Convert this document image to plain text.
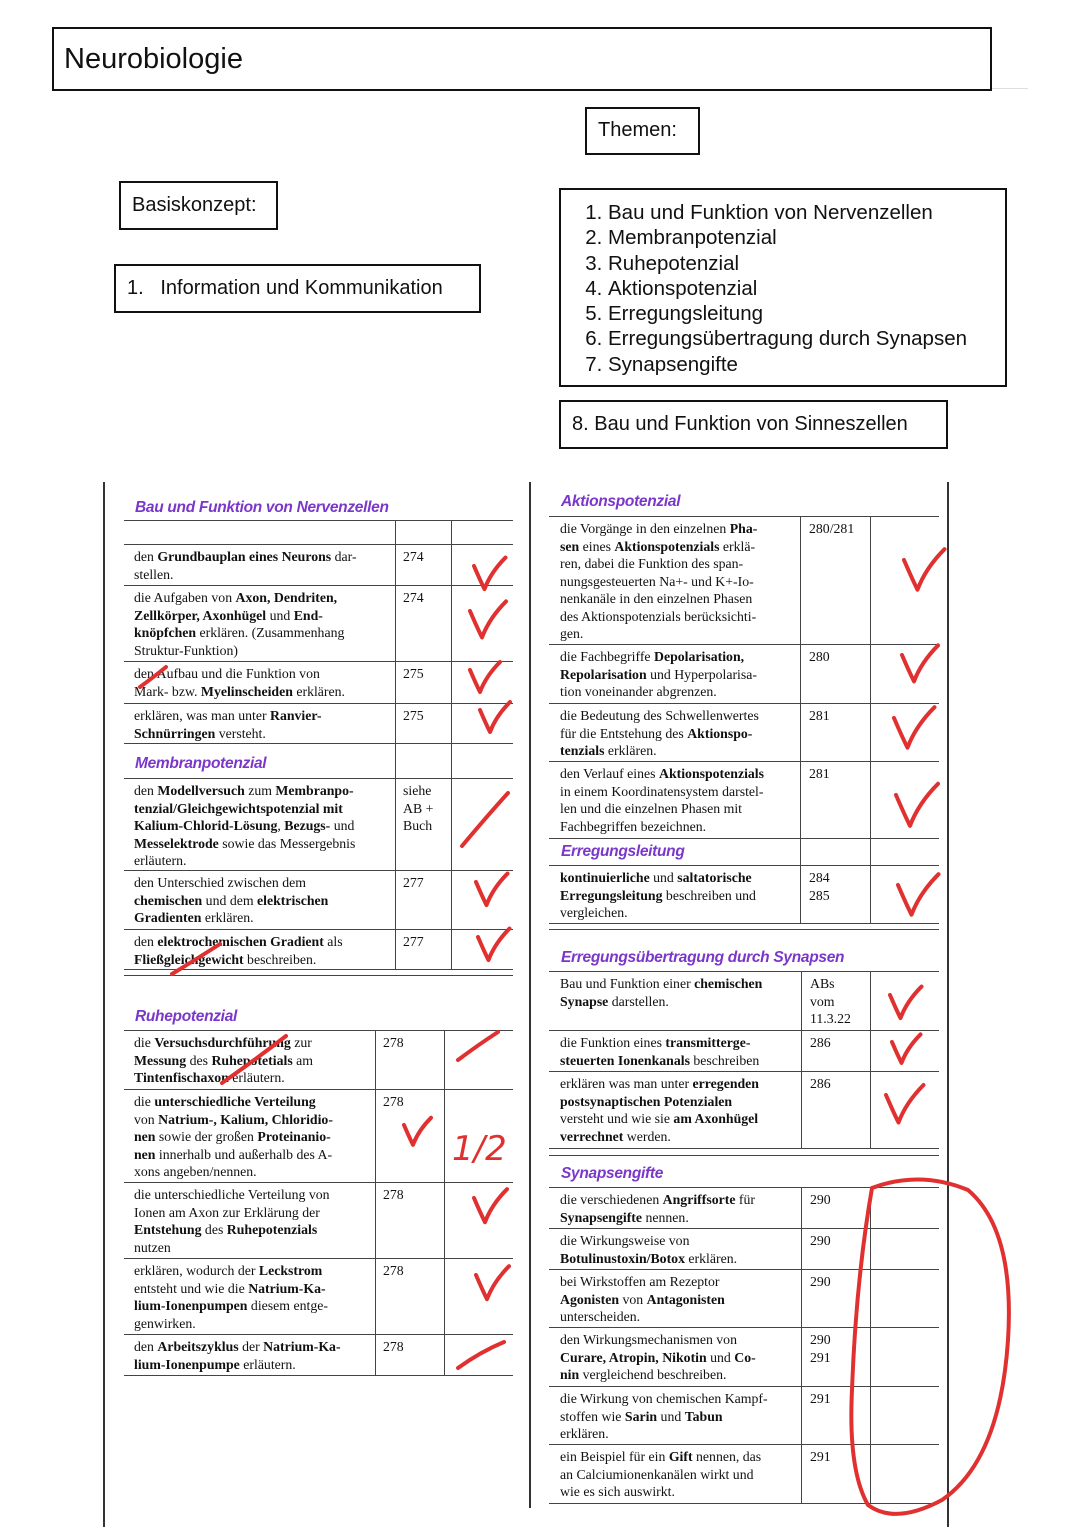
Neurobiologie
Themen:
Basiskonzept:
1.   Information und Kommunikation
1. Bau und Funktion von Nervenzellen
2. Membranpotenzial
3. Ruhepotenzial
4. Aktionspotenzial
5. Erregungsleitung
6. Erregungsübertragung durch Synapsen
7. Synapsengifte
8. Bau und Funktion von Sinneszellen
Bau und Funktion von Nervenzellen
Membranpotenzial
Ruhepotenzial
den Grundbauplan eines Neurons dar-
stellen.
274
die Aufgaben von Axon, Dendriten,
Zellkörper, Axonhügel und End-
knöpfchen erklären. (Zusammenhang
Struktur-Funktion)
274
den Aufbau und die Funktion von
Mark- bzw. Myelinscheiden erklären.
275
erklären, was man unter Ranvier-
Schnürringen versteht.
275
den Modellversuch zum Membranpo-
tenzial/Gleichgewichtspotenzial mit
Kalium-Chlorid-Lösung, Bezugs- und
Messelektrode sowie das Messergebnis
erläutern.
siehe
AB +
Buch
den Unterschied zwischen dem
chemischen und dem elektrischen
Gradienten erklären.
277
den elektrochemischen Gradient als
Fließgleichgewicht beschreiben.
277
die Versuchsdurchführung zur
Messung des Ruhepotetials am
Tintenfischaxon erläutern.
278
die unterschiedliche Verteilung
von Natrium-, Kalium, Chloridio-
nen sowie der großen Proteinanio-
nen innerhalb und außerhalb des A-
xons angeben/nennen.
278
die unterschiedliche Verteilung von
Ionen am Axon zur Erklärung der
Entstehung des Ruhepotenzials
nutzen
278
erklären, wodurch der Leckstrom
entsteht und wie die Natrium-Ka-
lium-Ionenpumpen diesem entge-
genwirken.
278
den Arbeitszyklus der Natrium-Ka-
lium-Ionenpumpe erläutern.
278
Aktionspotenzial
Erregungsleitung
Erregungsübertragung durch Synapsen
Synapsengifte
die Vorgänge in den einzelnen Pha-
sen eines Aktionspotenzials erklä-
ren, dabei die Funktion des span-
nungsgesteuerten Na+- und K+-Io-
nenkanäle in den einzelnen Phasen
des Aktionspotenzials berücksichti-
gen.
280/281
die Fachbegriffe Depolarisation,
Repolarisation und Hyperpolarisa-
tion voneinander abgrenzen.
280
die Bedeutung des Schwellenwertes
für die Entstehung des Aktionspo-
tenzials erklären.
281
den Verlauf eines Aktionspotenzials
in einem Koordinatensystem darstel-
len und die einzelnen Phasen mit
Fachbegriffen bezeichnen.
281
kontinuierliche und saltatorische
Erregungsleitung beschreiben und
vergleichen.
284
285
Bau und Funktion einer chemischen
Synapse darstellen.
ABs
vom
11.3.22
die Funktion eines transmitterge-
steuerten Ionenkanals beschreiben
286
erklären was man unter erregenden
postsynaptischen Potenzialen
versteht und wie sie am Axonhügel
verrechnet werden.
286
die verschiedenen Angriffsorte für
Synapsengifte nennen.
290
die Wirkungsweise von
Botulinustoxin/Botox erklären.
290
bei Wirkstoffen am Rezeptor
Agonisten von Antagonisten
unterscheiden.
290
den Wirkungsmechanismen von
Curare, Atropin, Nikotin und Co-
nin vergleichend beschreiben.
290
291
die Wirkung von chemischen Kampf-
stoffen wie Sarin und Tabun
erklären.
291
ein Beispiel für ein Gift nennen, das
an Calciumionenkanälen wirkt und
wie es sich auswirkt.
291
1/2
